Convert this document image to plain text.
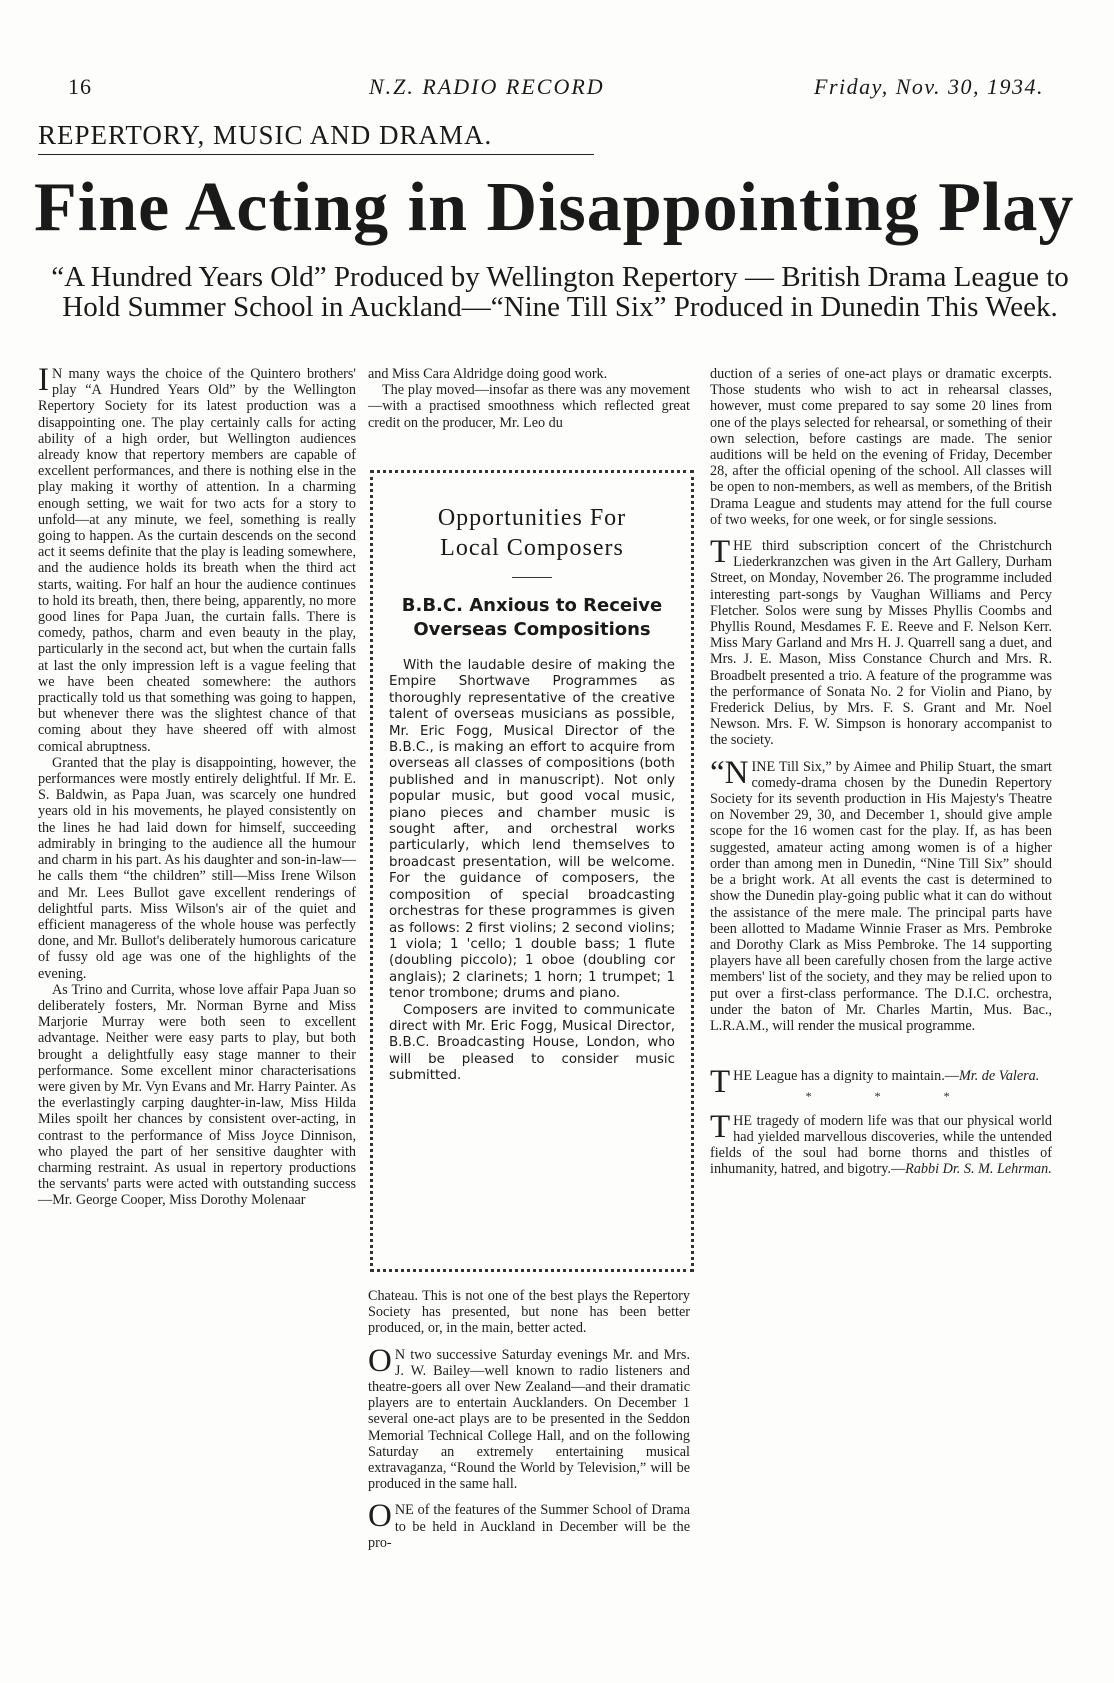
16	N.Z. RADIO RECORD	Friday, Nov. 30, 1934.
REPERTORY, MUSIC AND DRAMA.
Fine Acting in Disappointing Play
“A Hundred Years Old” Produced by Wellington Repertory — British Drama League to Hold Summer School in Auckland—“Nine Till Six” Produced in Dunedin This Week.

I N many ways the choice of the Quintero brothers' play “A Hundred Years Old” by the Wellington Repertory Society for its latest production was a disappointing one. The play certainly calls for acting ability of a high order, but Wellington audiences already know that repertory members are capable of excellent performances, and there is nothing else in the play making it worthy of attention. In a charming enough setting, we wait for two acts for a story to unfold—at any minute, we feel, something is really going to happen. As the curtain descends on the second act it seems definite that the play is leading somewhere, and the audience holds its breath when the third act starts, waiting. For half an hour the audience continues to hold its breath, then, there being, apparently, no more good lines for Papa Juan, the curtain falls. There is comedy, pathos, charm and even beauty in the play, particularly in the second act, but when the curtain falls at last the only impression left is a vague feeling that we have been cheated somewhere: the authors practically told us that something was going to happen, but whenever there was the slightest chance of that coming about they have sheered off with almost comical abruptness.

Granted that the play is disappointing, however, the performances were mostly entirely delightful. If Mr. E. S. Baldwin, as Papa Juan, was scarcely one hundred years old in his movements, he played consistently on the lines he had laid down for himself, succeeding admirably in bringing to the audience all the humour and charm in his part. As his daughter and son-in-law—he calls them “the children” still—Miss Irene Wilson and Mr. Lees Bullot gave excellent renderings of delightful parts. Miss Wilson's air of the quiet and efficient manageress of the whole house was perfectly done, and Mr. Bullot's deliberately humorous caricature of fussy old age was one of the highlights of the evening.

As Trino and Currita, whose love affair Papa Juan so deliberately fosters, Mr. Norman Byrne and Miss Marjorie Murray were both seen to excellent advantage. Neither were easy parts to play, but both brought a delightfully easy stage manner to their performance. Some excellent minor characterisations were given by Mr. Vyn Evans and Mr. Harry Painter. As the everlastingly carping daughter-in-law, Miss Hilda Miles spoilt her chances by consistent over-acting, in contrast to the performance of Miss Joyce Dinnison, who played the part of her sensitive daughter with charming restraint. As usual in repertory productions the servants' parts were acted with outstanding success—Mr. George Cooper, Miss Dorothy Molenaar

and Miss Cara Aldridge doing good work.

The play moved—insofar as there was any movement—with a practised smoothness which reflected great credit on the producer, Mr. Leo du

Opportunities For
Local Composers
B.B.C. Anxious to Receive Overseas Compositions

With the laudable desire of making the Empire Shortwave Programmes as thoroughly representative of the creative talent of overseas musicians as possible, Mr. Eric Fogg, Musical Director of the B.B.C., is making an effort to acquire from overseas all classes of compositions (both published and in manuscript). Not only popular music, but good vocal music, piano pieces and chamber music is sought after, and orchestral works particularly, which lend themselves to broadcast presentation, will be welcome. For the guidance of composers, the composition of special broadcasting orchestras for these programmes is given as follows: 2 first violins; 2 second violins; 1 viola; 1 'cello; 1 double bass; 1 flute (doubling piccolo); 1 oboe (doubling cor anglais); 2 clarinets; 1 horn; 1 trumpet; 1 tenor trombone; drums and piano.

Composers are invited to communicate direct with Mr. Eric Fogg, Musical Director, B.B.C. Broadcasting House, London, who will be pleased to consider music submitted.

Chateau. This is not one of the best plays the Repertory Society has presented, but none has been better produced, or, in the main, better acted.

O N two successive Saturday evenings Mr. and Mrs. J. W. Bailey—well known to radio listeners and theatre-goers all over New Zealand—and their dramatic players are to entertain Aucklanders. On December 1 several one-act plays are to be presented in the Seddon Memorial Technical College Hall, and on the following Saturday an extremely entertaining musical extravaganza, “Round the World by Television,” will be produced in the same hall.

ONE of the features of the Summer School of Drama to be held in Auckland in December will be the pro-

duction of a series of one-act plays or dramatic excerpts. Those students who wish to act in rehearsal classes, however, must come prepared to say some 20 lines from one of the plays selected for rehearsal, or something of their own selection, before castings are made. The senior auditions will be held on the evening of Friday, December 28, after the official opening of the school. All classes will be open to non-members, as well as members, of the British Drama League and students may attend for the full course of two weeks, for one week, or for single sessions.

THE third subscription concert of the Christchurch Liederkranzchen was given in the Art Gallery, Durham Street, on Monday, November 26. The programme included interesting part-songs by Vaughan Williams and Percy Fletcher. Solos were sung by Misses Phyllis Coombs and Phyllis Round, Mesdames F. E. Reeve and F. Nelson Kerr. Miss Mary Garland and Mrs H. J. Quarrell sang a duet, and Mrs. J. E. Mason, Miss Constance Church and Mrs. R. Broadbelt presented a trio. A feature of the programme was the performance of Sonata No. 2 for Violin and Piano, by Frederick Delius, by Mrs. F. S. Grant and Mr. Noel Newson. Mrs. F. W. Simpson is honorary accompanist to the society.

“NINE Till Six,” by Aimee and Philip Stuart, the smart comedy-drama chosen by the Dunedin Repertory Society for its seventh production in His Majesty's Theatre on November 29, 30, and December 1, should give ample scope for the 16 women cast for the play. If, as has been suggested, amateur acting among women is of a higher order than among men in Dunedin, “Nine Till Six” should be a bright work. At all events the cast is determined to show the Dunedin play-going public what it can do without the assistance of the mere male. The principal parts have been allotted to Madame Winnie Fraser as Mrs. Pembroke and Dorothy Clark as Miss Pembroke. The 14 supporting players have all been carefully chosen from the large active members' list of the society, and they may be relied upon to put over a first-class performance. The D.I.C. orchestra, under the baton of Mr. Charles Martin, Mus. Bac., L.R.A.M., will render the musical programme.

THE League has a dignity to maintain.—Mr. de Valera.

* * *

THE tragedy of modern life was that our physical world had yielded marvellous discoveries, while the untended fields of the soul had borne thorns and thistles of inhumanity, hatred, and bigotry.—Rabbi Dr. S. M. Lehrman.
